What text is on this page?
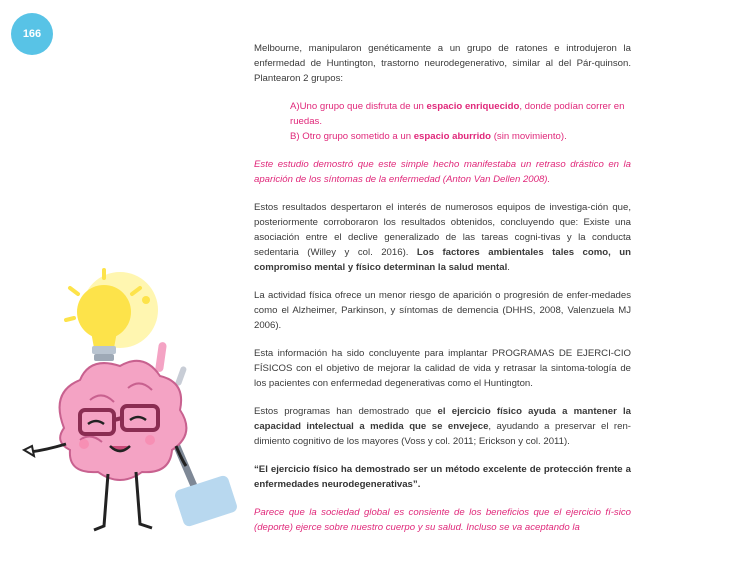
166

Melbourne, manipularon genéticamente a un grupo de ratones e introdujeron la enfermedad de Huntington, trastorno neurodegenerativo, similar al del Pár-quinson. Plantearon 2 grupos:

A)Uno grupo que disfruta de un espacio enriquecido, donde podían correr en ruedas.
B) Otro grupo sometido a un espacio aburrido (sin movimiento).

Este estudio demostró que este simple hecho manifestaba un retraso drástico en la aparición de los síntomas de la enfermedad (Anton Van Dellen 2008).

Estos resultados despertaron el interés de numerosos equipos de investiga-ción que, posteriormente corroboraron los resultados obtenidos, concluyendo que: Existe una asociación entre el declive generalizado de las tareas cogni-tivas y la conducta sedentaria (Willey y col. 2016). Los factores ambientales tales como, un compromiso mental y físico determinan la salud mental.

La actividad física ofrece un menor riesgo de aparición o progresión de enfer-medades como el Alzheimer, Parkinson, y síntomas de demencia (DHHS, 2008, Valenzuela MJ 2006).

Esta información ha sido concluyente para implantar PROGRAMAS DE EJERCI-CIO FÍSICOS con el objetivo de mejorar la calidad de vida y retrasar la sintoma-tología de los pacientes con enfermedad degenerativas como el Huntington.

Estos programas han demostrado que el ejercicio físico ayuda a mantener la capacidad intelectual a medida que se envejece, ayudando a preservar el ren-dimiento cognitivo de los mayores (Voss y col. 2011; Erickson y col. 2011).

“El ejercicio físico ha demostrado ser un método excelente de protección frente a enfermedades neurodegenerativas”.

Parece que la sociedad global es consiente de los beneficios que el ejercicio fí-sico (deporte) ejerce sobre nuestro cuerpo y su salud. Incluso se va aceptando la
